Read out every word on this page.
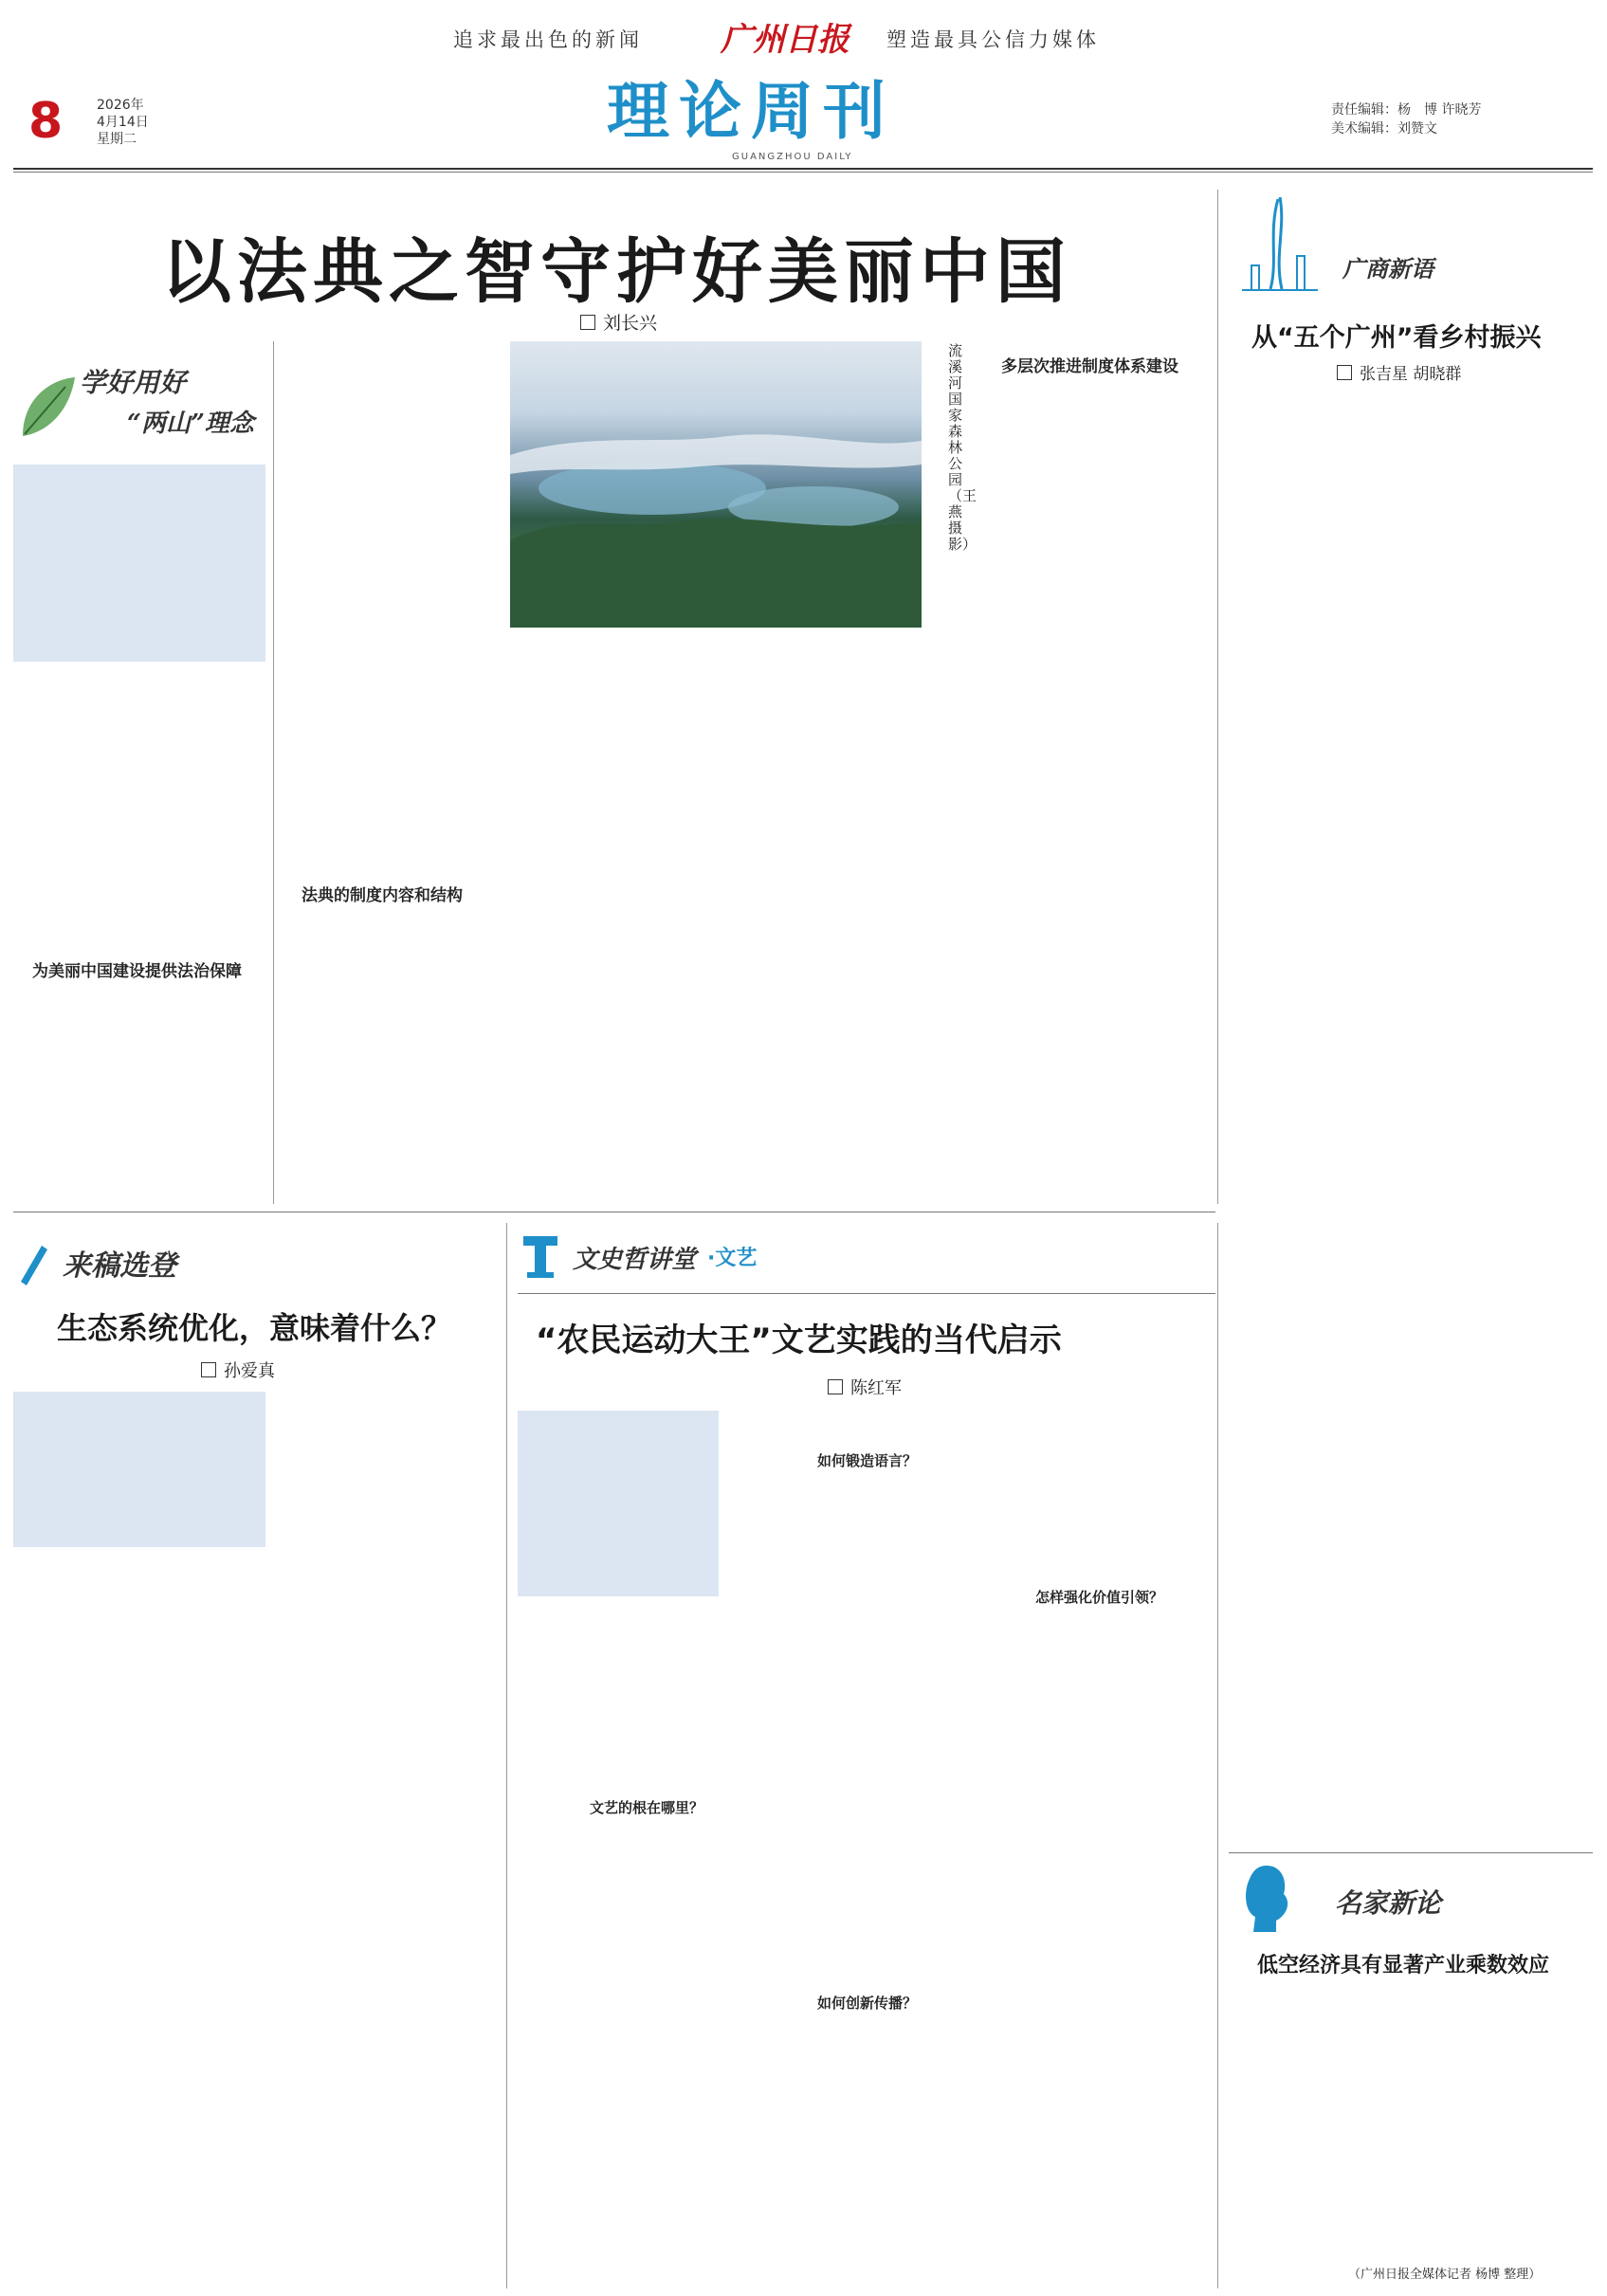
追求最出色的新闻 广州日报 塑造最具公信力媒体
8	2026年
4月14日
星期二	理论周刊
GUANGZHOU DAILY
责任编辑：杨　博 许晓芳
美术编辑：刘赞文
以法典之智守护好美丽中国
刘长兴
学好用好
“两山”理念
为美丽中国建设提供法治保障
法典的制度内容和结构
流溪河国家森林公园（王燕 摄影）
多层次推进制度体系建设
广商新语
从“五个广州”看乡村振兴
张吉星 胡晓群
来稿选登
生态系统优化，意味着什么？
孙爱真
文史哲讲堂 ·文艺
“农民运动大王”文艺实践的当代启示
陈红军
如何锻造语言？
文艺的根在哪里？
怎样强化价值引领？
如何创新传播？
名家新论
低空经济具有显著产业乘数效应
（广州日报全媒体记者 杨博 整理）
